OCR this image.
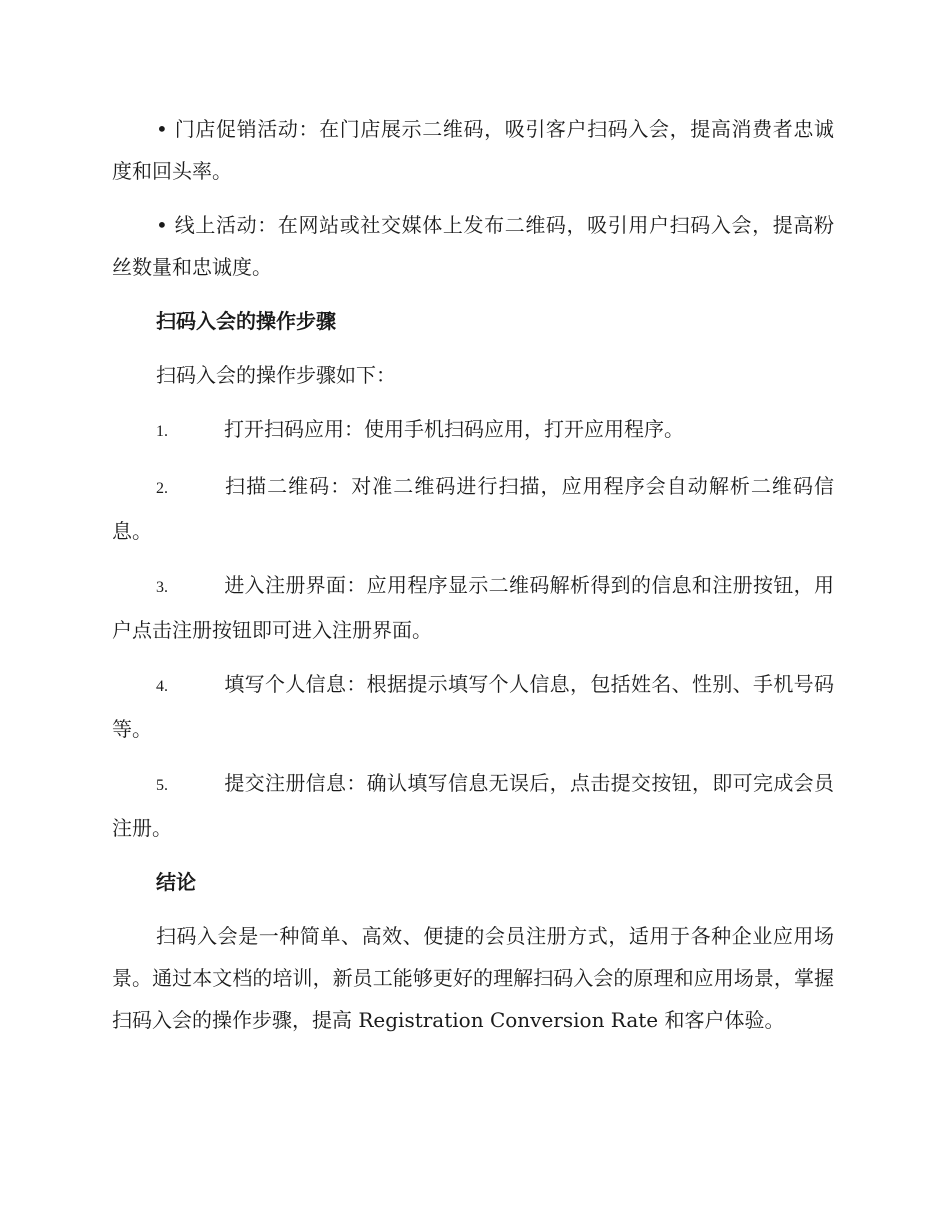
• 门店促销活动：在门店展示二维码，吸引客户扫码入会，提高消费者忠诚度和回头率。

• 线上活动：在网站或社交媒体上发布二维码，吸引用户扫码入会，提高粉丝数量和忠诚度。

扫码入会的操作步骤

扫码入会的操作步骤如下：

1.	打开扫码应用：使用手机扫码应用，打开应用程序。

2.	扫描二维码：对准二维码进行扫描，应用程序会自动解析二维码信息。

3.	进入注册界面：应用程序显示二维码解析得到的信息和注册按钮，用户点击注册按钮即可进入注册界面。

4.	填写个人信息：根据提示填写个人信息，包括姓名、性别、手机号码等。

5.	提交注册信息：确认填写信息无误后，点击提交按钮，即可完成会员注册。

结论

扫码入会是一种简单、高效、便捷的会员注册方式，适用于各种企业应用场景。通过本文档的培训，新员工能够更好的理解扫码入会的原理和应用场景，掌握扫码入会的操作步骤，提高 Registration Conversion Rate 和客户体验。
